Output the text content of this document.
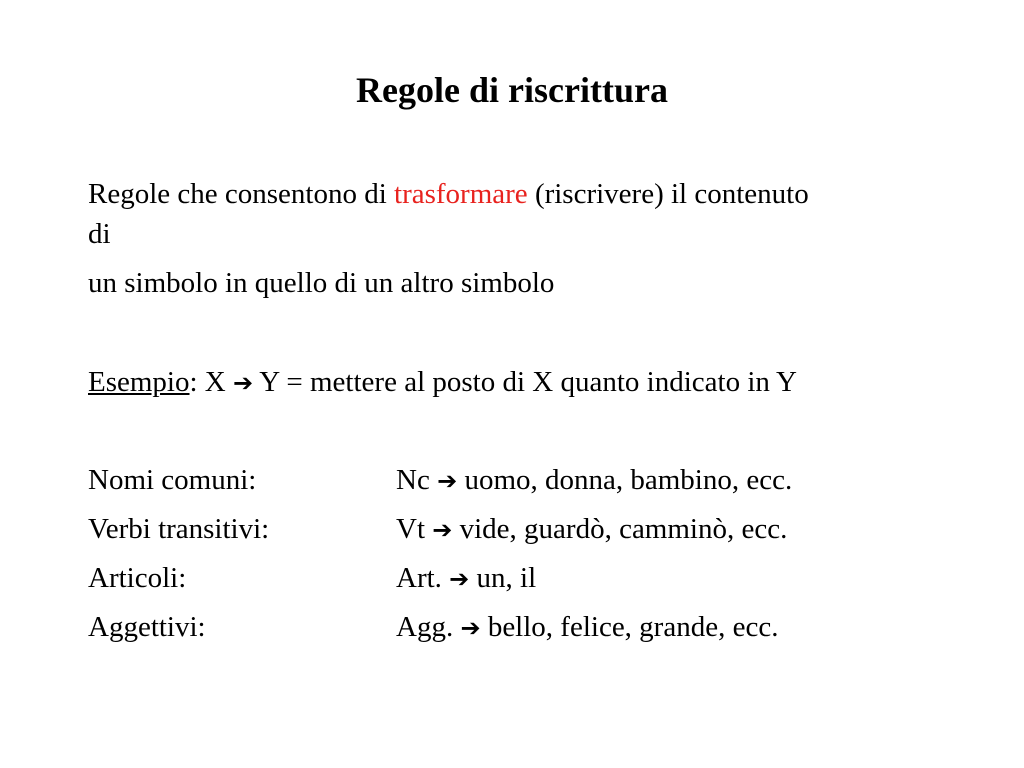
Regole di riscrittura
Regole che consentono di trasformare (riscrivere) il contenuto
di
un simbolo in quello di un altro simbolo
Esempio: X ➔ Y = mettere al posto di X quanto indicato in Y
Nomi comuni:	Nc ➔ uomo, donna, bambino, ecc.
Verbi transitivi:	Vt ➔ vide, guardò, camminò, ecc.
Articoli:	Art. ➔ un, il
Aggettivi:	Agg. ➔ bello, felice, grande, ecc.
